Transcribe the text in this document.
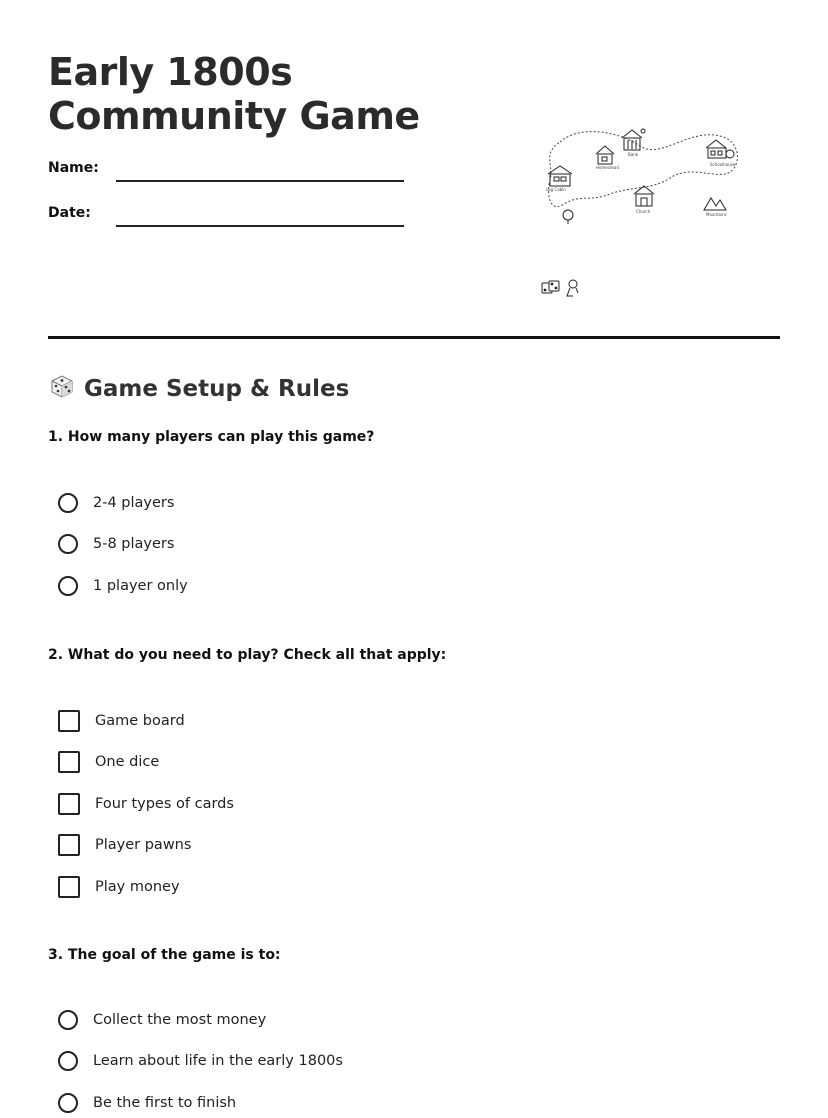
Early 1800s Community Game
Name:
Date:
Log Cabin
Homestead
Bank
Schoolhouse
Church
Mountains
Game Setup & Rules

1. How many players can play this game?

2-4 players
5-8 players
1 player only

2. What do you need to play? Check all that apply:

Game board
One dice
Four types of cards
Player pawns
Play money

3. The goal of the game is to:

Collect the most money
Learn about life in the early 1800s
Be the first to finish
